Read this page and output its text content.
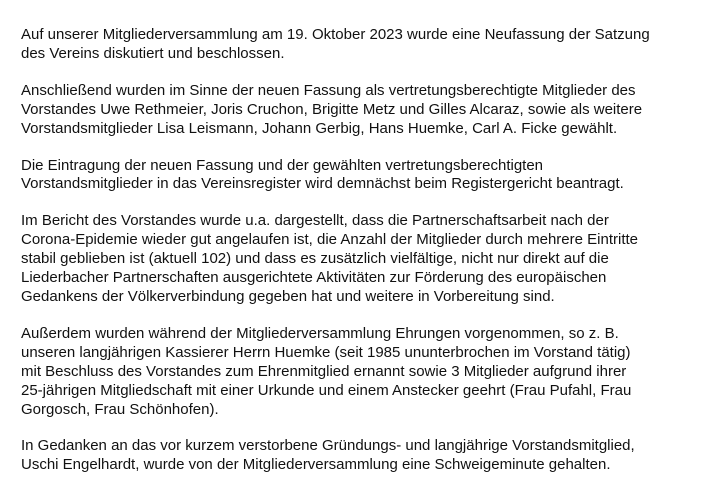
Auf unserer Mitgliederversammlung am 19. Oktober 2023 wurde eine Neufassung der Satzung
des Vereins diskutiert und beschlossen.

Anschließend wurden im Sinne der neuen Fassung als vertretungsberechtigte Mitglieder des
Vorstandes Uwe Rethmeier, Joris Cruchon, Brigitte Metz und Gilles Alcaraz, sowie als weitere
Vorstandsmitglieder Lisa Leismann, Johann Gerbig, Hans Huemke, Carl A. Ficke gewählt.

Die Eintragung der neuen Fassung und der gewählten vertretungsberechtigten
Vorstandsmitglieder in das Vereinsregister wird demnächst beim Registergericht beantragt.

Im Bericht des Vorstandes wurde u.a. dargestellt, dass die Partnerschaftsarbeit nach der
Corona-Epidemie wieder gut angelaufen ist, die Anzahl der Mitglieder durch mehrere Eintritte
stabil geblieben ist (aktuell 102) und dass es zusätzlich vielfältige, nicht nur direkt auf die
Liederbacher Partnerschaften ausgerichtete Aktivitäten zur Förderung des europäischen
Gedankens der Völkerverbindung gegeben hat und weitere in Vorbereitung sind.

Außerdem wurden während der Mitgliederversammlung Ehrungen vorgenommen, so z. B.
unseren langjährigen Kassierer Herrn Huemke (seit 1985 ununterbrochen im Vorstand tätig)
mit Beschluss des Vorstandes zum Ehrenmitglied ernannt sowie 3 Mitglieder aufgrund ihrer
25-jährigen Mitgliedschaft mit einer Urkunde und einem Anstecker geehrt (Frau Pufahl, Frau
Gorgosch, Frau Schönhofen).

In Gedanken an das vor kurzem verstorbene Gründungs- und langjährige Vorstandsmitglied,
Uschi Engelhardt, wurde von der Mitgliederversammlung eine Schweigeminute gehalten.
